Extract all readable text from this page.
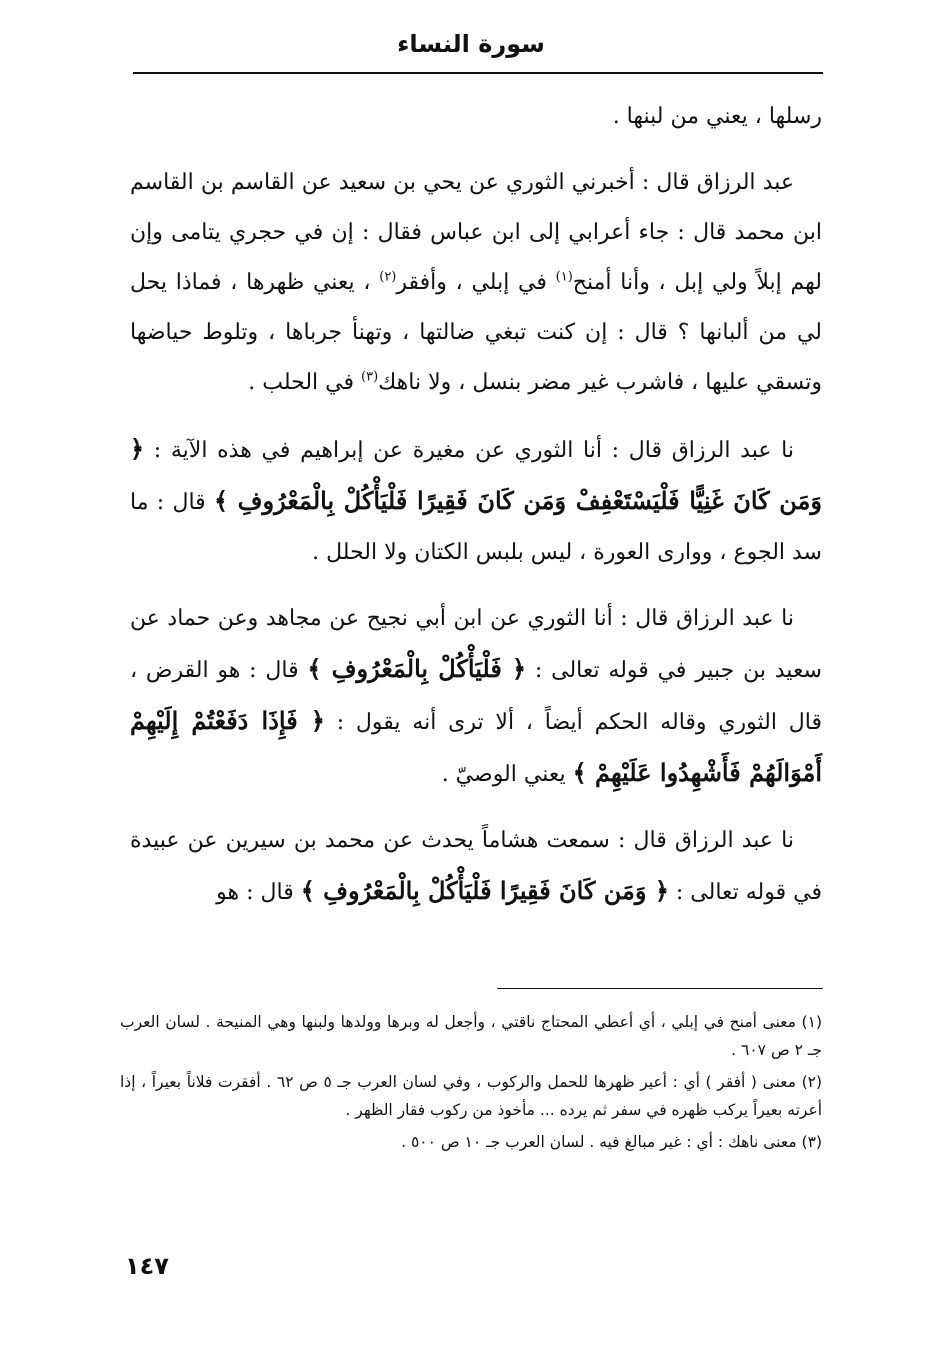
سورة النساء

رسلها ، يعني من لبنها .

عبد الرزاق قال : أخبرني الثوري عن يحي بن سعيد عن القاسم بن القاسم ابن محمد قال : جاء أعرابي إلى ابن عباس فقال : إن في حجري يتامى وإن لهم إبلاً ولي إبل ، وأنا أمنح$^{(١)}$ في إبلي ، وأفقر$^{(٢)}$ ، يعني ظهرها ، فماذا يحل لي من ألبانها ؟ قال : إن كنت تبغي ضالتها ، وتهنأ جرباها ، وتلوط حياضها وتسقي عليها ، فاشرب غير مضر بنسل ، ولا ناهك$^{(٣)}$ في الحلب .

نا عبد الرزاق قال : أنا الثوري عن مغيرة عن إبراهيم في هذه الآية : ﴿ وَمَن كَانَ غَنِيًّا فَلْيَسْتَعْفِفْ وَمَن كَانَ فَقِيرًا فَلْيَأْكُلْ بِالْمَعْرُوفِ ﴾ قال : ما سد الجوع ، ووارى العورة ، ليس بلبس الكتان ولا الحلل .

نا عبد الرزاق قال : أنا الثوري عن ابن أبي نجيح عن مجاهد وعن حماد عن سعيد بن جبير في قوله تعالى : ﴿ فَلْيَأْكُلْ بِالْمَعْرُوفِ ﴾ قال : هو القرض ، قال الثوري وقاله الحكم أيضاً ، ألا ترى أنه يقول : ﴿ فَإِذَا دَفَعْتُمْ إِلَيْهِمْ أَمْوَالَهُمْ فَأَشْهِدُوا عَلَيْهِمْ ﴾ يعني الوصيّ .

نا عبد الرزاق قال : سمعت هشاماً يحدث عن محمد بن سيرين عن عبيدة في قوله تعالى : ﴿ وَمَن كَانَ فَقِيرًا فَلْيَأْكُلْ بِالْمَعْرُوفِ ﴾ قال : هو

(١) معنى أمنح في إبلي ، أي أعطي المحتاج ناقتي ، وأجعل له وبرها وولدها ولبنها وهي المنيحة . لسان العرب جـ ٢ ص ٦٠٧ .

(٢) معنى ( أفقر ) أي : أعير ظهرها للحمل والركوب ، وفي لسان العرب جـ ٥ ص ٦٢ . أفقرت فلاناً بعيراً ، إذا أعرته بعيراً يركب ظهره في سفر ثم يرده ... مأخوذ من ركوب فقار الظهر .

(٣) معنى ناهك : أي : غير مبالغ فيه . لسان العرب جـ ١٠ ص ٥٠٠ .

١٤٧
